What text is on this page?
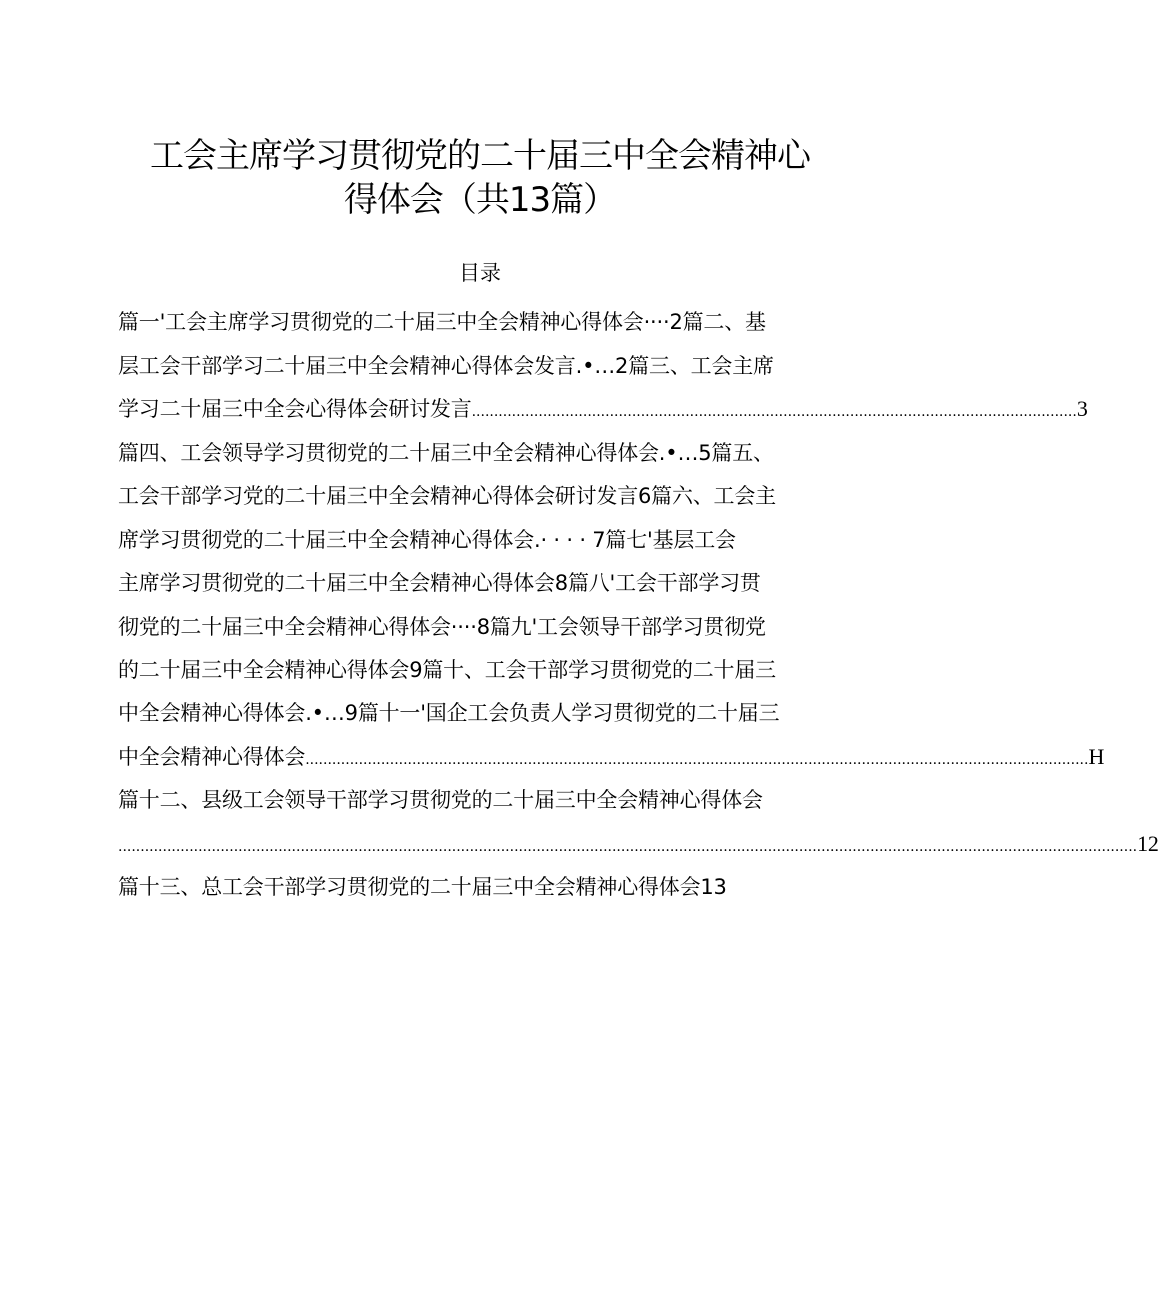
工会主席学习贯彻党的二十届三中全会精神心
得体会（共13篇）
目录
篇一'工会主席学习贯彻党的二十届三中全会精神心得体会····2篇二、基
层工会干部学习二十届三中全会精神心得体会发言.•…2篇三、工会主席
学习二十届三中全会心得体会研讨发言 ........................................................................................................................................ 3
篇四、工会领导学习贯彻党的二十届三中全会精神心得体会.•…5篇五、
工会干部学习党的二十届三中全会精神心得体会研讨发言6篇六、工会主
席学习贯彻党的二十届三中全会精神心得体会.· · · · 7篇七'基层工会
主席学习贯彻党的二十届三中全会精神心得体会8篇八'工会干部学习贯
彻党的二十届三中全会精神心得体会····8篇九'工会领导干部学习贯彻党
的二十届三中全会精神心得体会9篇十、工会干部学习贯彻党的二十届三
中全会精神心得体会.•…9篇十一'国企工会负责人学习贯彻党的二十届三
中全会精神心得体会 ................................................................................................................................................................................ H
篇十二、县级工会领导干部学习贯彻党的二十届三中全会精神心得体会
..................................................................................................................................................................................................................................... 12
篇十三、总工会干部学习贯彻党的二十届三中全会精神心得体会13
